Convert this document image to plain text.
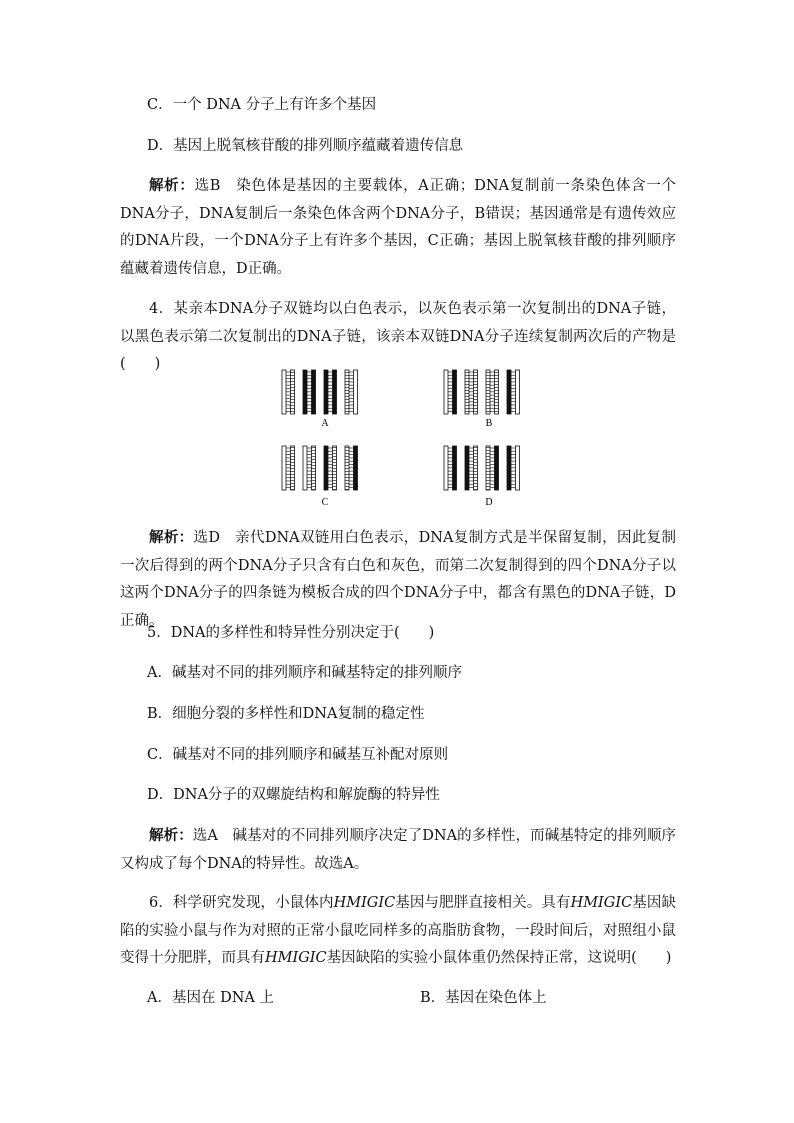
C．一个 DNA 分子上有许多个基因
D．基因上脱氧核苷酸的排列顺序蕴藏着遗传信息
解析：选B　染色体是基因的主要载体，A正确；DNA复制前一条染色体含一个DNA分子，DNA复制后一条染色体含两个DNA分子，B错误；基因通常是有遗传效应的DNA片段，一个DNA分子上有许多个基因，C正确；基因上脱氧核苷酸的排列顺序蕴藏着遗传信息，D正确。
4．某亲本DNA分子双链均以白色表示，以灰色表示第一次复制出的DNA子链，以黑色表示第二次复制出的DNA子链，该亲本双链DNA分子连续复制两次后的产物是(　　)
A	B
C	D
解析：选D　亲代DNA双链用白色表示，DNA复制方式是半保留复制，因此复制一次后得到的两个DNA分子只含有白色和灰色，而第二次复制得到的四个DNA分子以这两个DNA分子的四条链为模板合成的四个DNA分子中，都含有黑色的DNA子链，D正确。
5．DNA的多样性和特异性分别决定于(　　)
A．碱基对不同的排列顺序和碱基特定的排列顺序
B．细胞分裂的多样性和DNA复制的稳定性
C．碱基对不同的排列顺序和碱基互补配对原则
D．DNA分子的双螺旋结构和解旋酶的特异性
解析：选A　碱基对的不同排列顺序决定了DNA的多样性，而碱基特定的排列顺序又构成了每个DNA的特异性。故选A。
6．科学研究发现，小鼠体内HMIGIC基因与肥胖直接相关。具有HMIGIC基因缺陷的实验小鼠与作为对照的正常小鼠吃同样多的高脂肪食物，一段时间后，对照组小鼠变得十分肥胖，而具有HMIGIC基因缺陷的实验小鼠体重仍然保持正常，这说明(　　)
A．基因在 DNA 上	B．基因在染色体上
